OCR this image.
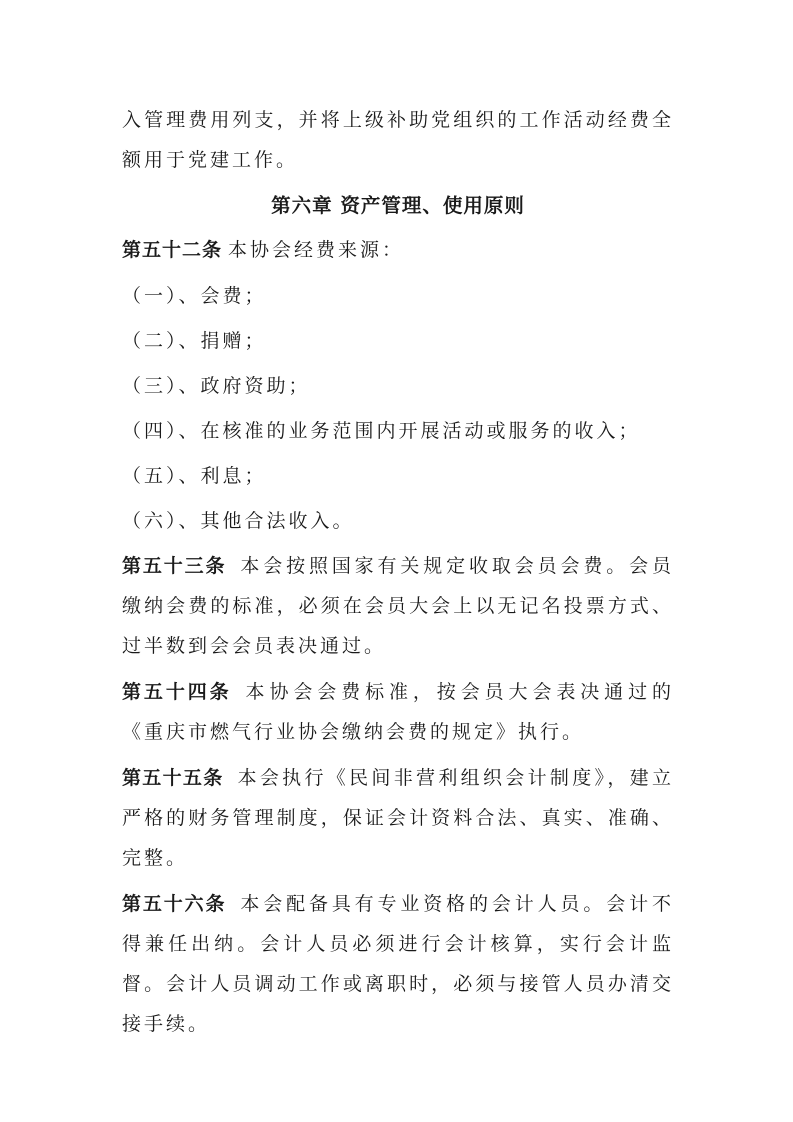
入管理费用列支，并将上级补助党组织的工作活动经费全额用于党建工作。

第六章 资产管理、使用原则

第五十二条 本协会经费来源：

（一）、会费；
（二）、捐赠；
（三）、政府资助；
（四）、在核准的业务范围内开展活动或服务的收入；
（五）、利息；
（六）、其他合法收入。

第五十三条 本会按照国家有关规定收取会员会费。会员缴纳会费的标准，必须在会员大会上以无记名投票方式、过半数到会会员表决通过。

第五十四条 本协会会费标准，按会员大会表决通过的《重庆市燃气行业协会缴纳会费的规定》执行。

第五十五条 本会执行《民间非营利组织会计制度》，建立严格的财务管理制度，保证会计资料合法、真实、准确、完整。

第五十六条 本会配备具有专业资格的会计人员。会计不得兼任出纳。会计人员必须进行会计核算，实行会计监督。会计人员调动工作或离职时，必须与接管人员办清交接手续。
